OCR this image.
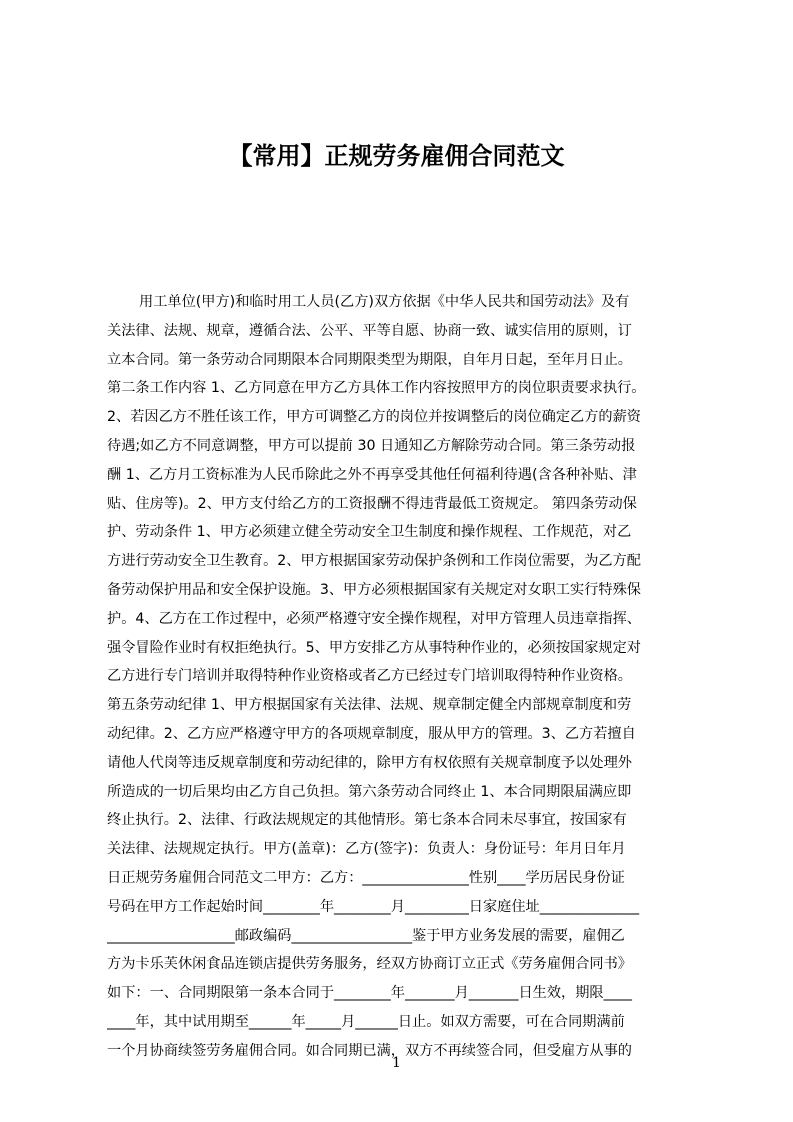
【常用】正规劳务雇佣合同范文
用工单位(甲方)和临时用工人员(乙方)双方依据《中华人民共和国劳动法》及有
关法律、法规、规章，遵循合法、公平、平等自愿、协商一致、诚实信用的原则，订
立本合同。第一条劳动合同期限本合同期限类型为期限，自年月日起，至年月日止。
第二条工作内容 1、乙方同意在甲方乙方具体工作内容按照甲方的岗位职责要求执行。
2、若因乙方不胜任该工作，甲方可调整乙方的岗位并按调整后的岗位确定乙方的薪资
待遇;如乙方不同意调整，甲方可以提前 30 日通知乙方解除劳动合同。第三条劳动报
酬 1、乙方月工资标准为人民币除此之外不再享受其他任何福利待遇(含各种补贴、津
贴、住房等)。2、甲方支付给乙方的工资报酬不得违背最低工资规定。 第四条劳动保
护、劳动条件 1、甲方必须建立健全劳动安全卫生制度和操作规程、工作规范，对乙
方进行劳动安全卫生教育。2、甲方根据国家劳动保护条例和工作岗位需要，为乙方配
备劳动保护用品和安全保护设施。3、甲方必须根据国家有关规定对女职工实行特殊保
护。4、乙方在工作过程中，必须严格遵守安全操作规程，对甲方管理人员违章指挥、
强令冒险作业时有权拒绝执行。5、甲方安排乙方从事特种作业的，必须按国家规定对
乙方进行专门培训并取得特种作业资格或者乙方已经过专门培训取得特种作业资格。
第五条劳动纪律 1、甲方根据国家有关法律、法规、规章制定健全内部规章制度和劳
动纪律。2、乙方应严格遵守甲方的各项规章制度，服从甲方的管理。3、乙方若擅自
请他人代岗等违反规章制度和劳动纪律的，除甲方有权依照有关规章制度予以处理外
所造成的一切后果均由乙方自己负担。第六条劳动合同终止 1、本合同期限届满应即
终止执行。2、法律、行政法规规定的其他情形。第七条本合同未尽事宜，按国家有
关法律、法规规定执行。甲方(盖章)：乙方(签字)：负责人：身份证号：年月日年月
日正规劳务雇佣合同范文二甲方：乙方：_______________性别____学历居民身份证
号码在甲方工作起始时间________年________月_________日家庭住址______________
__________________邮政编码_________________鉴于甲方业务发展的需要，雇佣乙
方为卡乐芙休闲食品连锁店提供劳务服务，经双方协商订立正式《劳务雇佣合同书》
如下：一、合同期限第一条本合同于________年_______月_______日生效，期限____
____年，其中试用期至______年_____月______日止。如双方需要，可在合同期满前
一个月协商续签劳务雇佣合同。如合同期已满，双方不再续签合同，但受雇方从事的
1
